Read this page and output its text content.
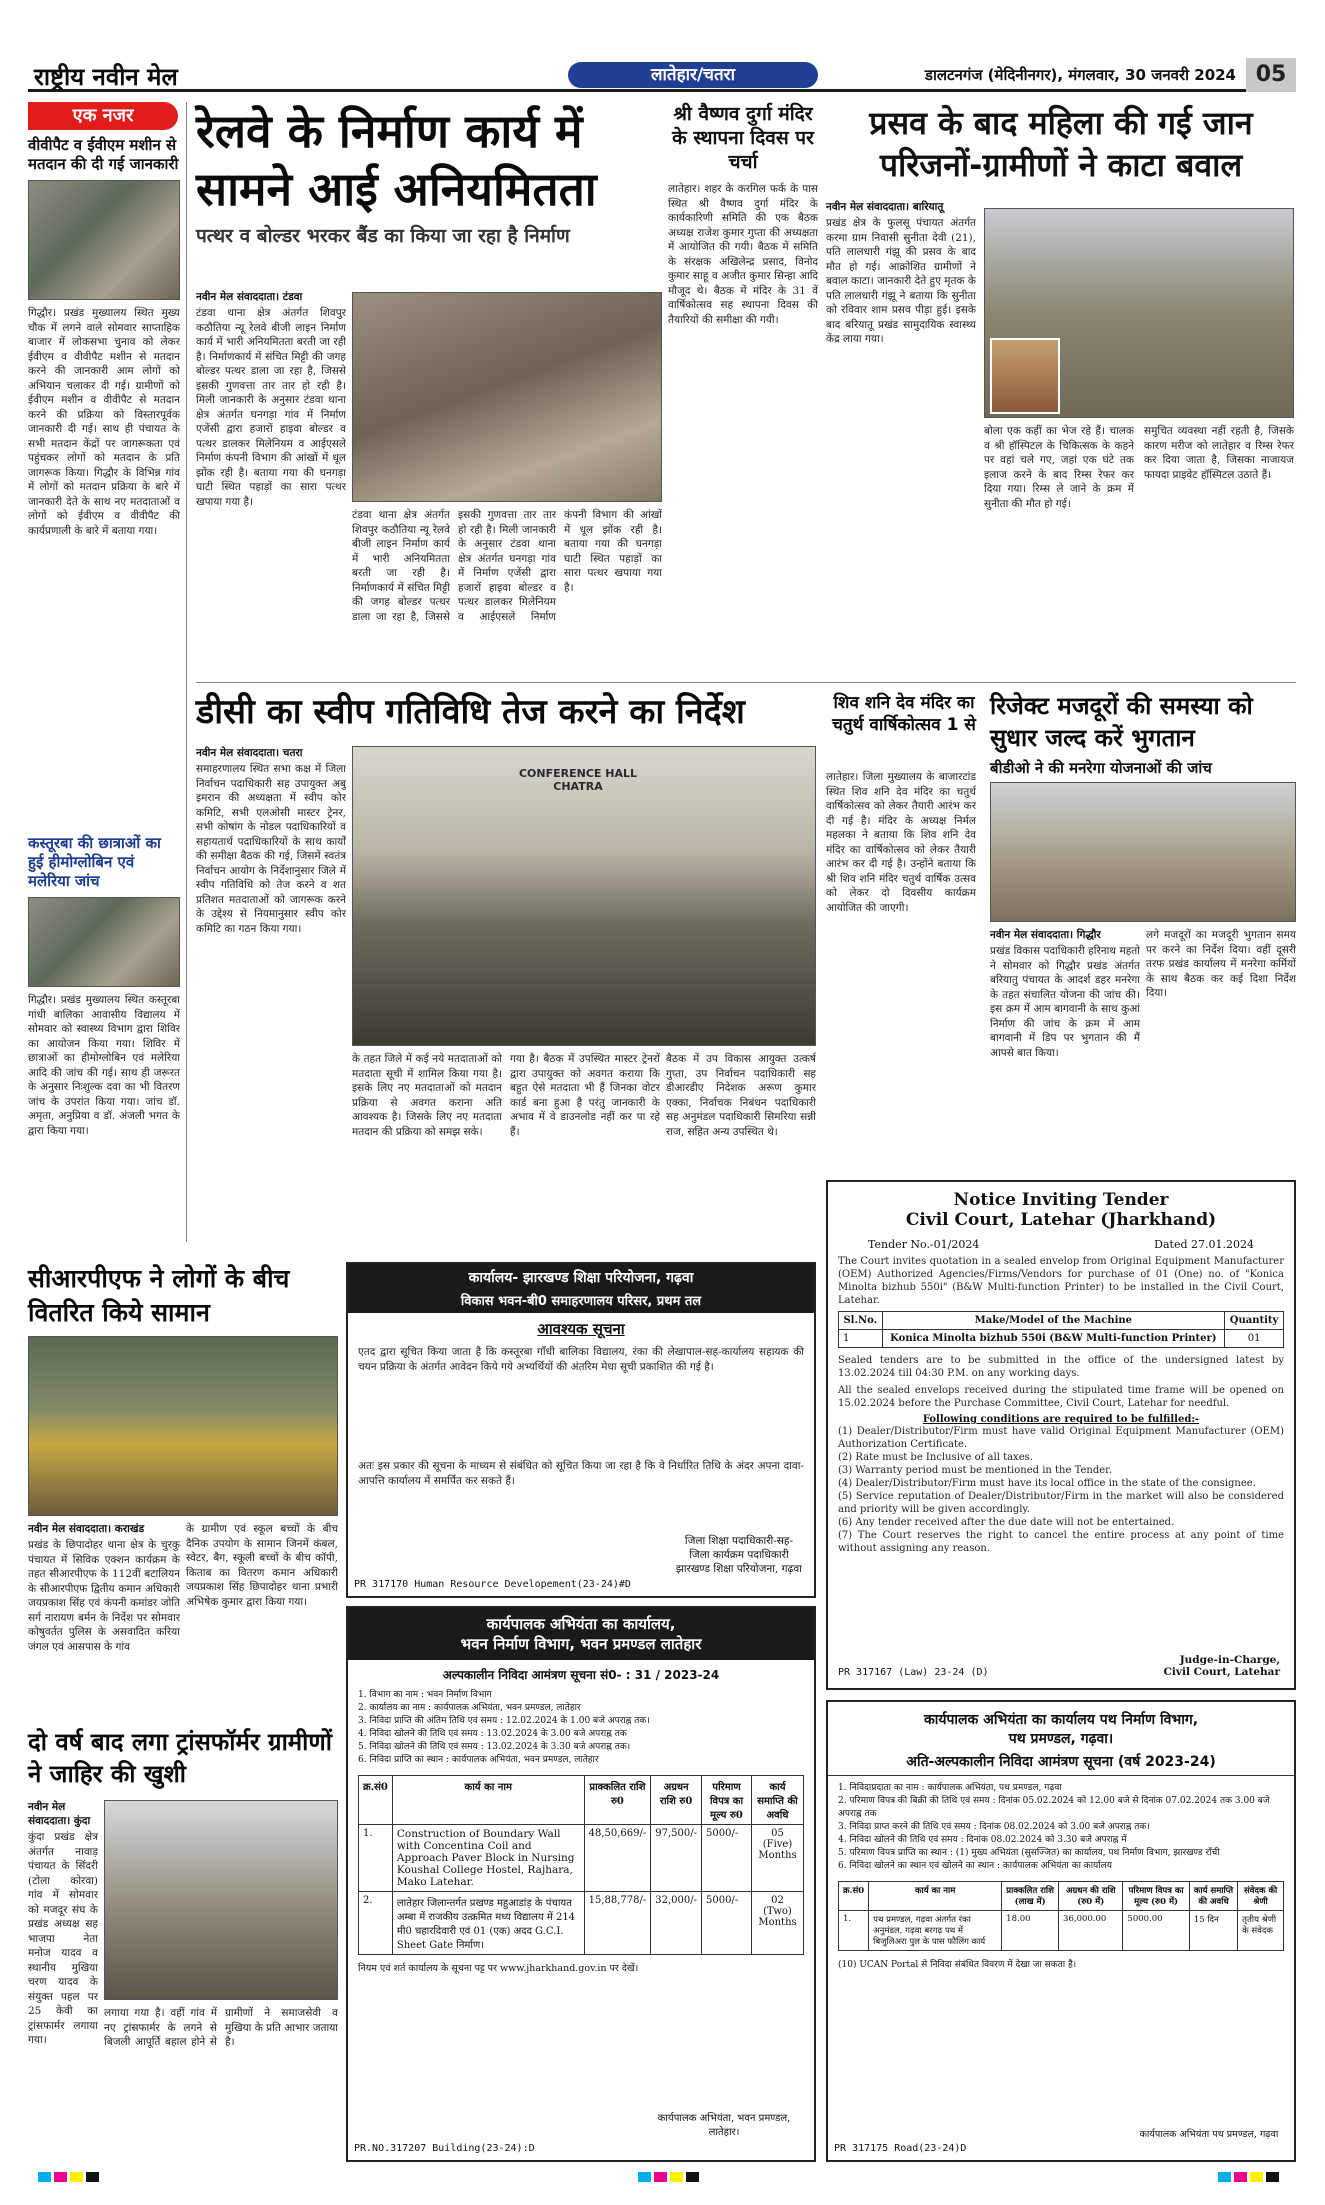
राष्ट्रीय नवीन मेल	लातेहार/चतरा	डालटनगंज (मेदिनीनगर), मंगलवार, 30 जनवरी 2024 05
एक नजर
वीवीपैट व ईवीएम मशीन से मतदान की दी गई जानकारी
गिद्धौर। प्रखंड मुख्यालय स्थित मुख्य चौक में लगने वाले सोमवार साप्ताहिक बाजार में लोकसभा चुनाव को लेकर ईवीएम व वीवीपैट मशीन से मतदान करने की जानकारी आम लोगों को अभियान चलाकर दी गई। ग्रामीणों को ईवीएम मशीन व वीवीपैट से मतदान करने की प्रक्रिया को विस्तारपूर्वक जानकारी दी गई। साथ ही पंचायत के सभी मतदान केंद्रों पर जागरूकता एवं पहुंचकर लोगों को मतदान के प्रति जागरूक किया। गिद्धौर के विभिन्न गांव में लोगों को मतदान प्रक्रिया के बारे में जानकारी देते के साथ नए मतदाताओं व लोगों को ईवीएम व वीवीपैट की कार्यप्रणाली के बारे में बताया गया।
कस्तूरबा की छात्राओं का हुई हीमोग्लोबिन एवं मलेरिया जांच
गिद्धौर। प्रखंड मुख्यालय स्थित कस्तूरबा गांधी बालिका आवासीय विद्यालय में सोमवार को स्वास्थ्य विभाग द्वारा शिविर का आयोजन किया गया। शिविर में छात्राओं का हीमोग्लोबिन एवं मलेरिया आदि की जांच की गई। साथ ही जरूरत के अनुसार निःशुल्क दवा का भी वितरण जांच के उपरांत किया गया। जांच डॉ. अमृता, अनुप्रिया व डॉ. अंजली भगत के द्वारा किया गया।
रेलवे के निर्माण कार्य में सामने आई अनियमितता
पत्थर व बोल्डर भरकर बैंड का किया जा रहा है निर्माण
नवीन मेल संवाददाता। टंडवा
टंडवा थाना क्षेत्र अंतर्गत शिवपुर कठौतिया न्यू रेलवे बीजी लाइन निर्माण कार्य में भारी अनियमितता बरती जा रही है। निर्माणकार्य में संचित मिट्टी की जगह बोल्डर पत्थर डाला जा रहा है, जिससे इसकी गुणवत्ता तार तार हो रही है। मिली जानकारी के अनुसार टंडवा थाना क्षेत्र अंतर्गत घनगड़ा गांव में निर्माण एजेंसी द्वारा हजारों हाइवा बोल्डर व पत्थर डालकर मिलेनियम व आईएसले निर्माण कंपनी विभाग की आंखों में धूल झोंक रही है। बताया गया की घनगड़ा घाटी स्थित पहाड़ों का सारा पत्थर खपाया गया है।
टंडवा थाना क्षेत्र अंतर्गत शिवपुर कठौतिया न्यू रेलवे बीजी लाइन निर्माण कार्य में भारी अनियमितता बरती जा रही है। निर्माणकार्य में संचित मिट्टी की जगह बोल्डर पत्थर डाला जा रहा है, जिससे इसकी गुणवत्ता तार तार हो रही है। मिली जानकारी के अनुसार टंडवा थाना क्षेत्र अंतर्गत घनगड़ा गांव में निर्माण एजेंसी द्वारा हजारों हाइवा बोल्डर व पत्थर डालकर मिलेनियम व आईएसले निर्माण कंपनी विभाग की आंखों में धूल झोंक रही है। बताया गया की घनगड़ा घाटी स्थित पहाड़ों का सारा पत्थर खपाया गया है।
श्री वैष्णव दुर्गा मंदिर के स्थापना दिवस पर चर्चा
लातेहार। शहर के करगिल फर्क के पास स्थित श्री वैष्णव दुर्गा मंदिर के कार्यकारिणी समिति की एक बैठक अध्यक्ष राजेश कुमार गुप्ता की अध्यक्षता में आयोजित की गयी। बैठक में समिति के संरक्षक अखिलेन्द्र प्रसाद, विनोद कुमार साहू व अजीत कुमार सिन्हा आदि मौजूद थे। बैठक में मंदिर के 31 वें वार्षिकोत्सव सह स्थापना दिवस की तैयारियों की समीक्षा की गयी।
प्रसव के बाद महिला की गई जान परिजनों-ग्रामीणों ने काटा बवाल
नवीन मेल संवाददाता। बारियातू
प्रखंड क्षेत्र के फुलसू पंचायत अंतर्गत करमा ग्राम निवासी सुनीता देवी (21), पति लालधारी गंझू की प्रसव के बाद मौत हो गई। आक्रोशित ग्रामीणों ने बवाल काटा। जानकारी देते हुए मृतक के पति लालधारी गंझू ने बताया कि सुनीता को रविवार शाम प्रसव पीड़ा हुई। इसके बाद बरियातू प्रखंड सामुदायिक स्वास्थ्य केंद्र लाया गया।
बोला एक कहीं का भेज रहे हैं। चालक व श्री हॉस्पिटल के चिकित्सक के कहने पर वहां चले गए, जहां एक घंटे तक इलाज करने के बाद रिम्स रेफर कर दिया गया। रिम्स ले जाने के क्रम में सुनीता की मौत हो गई।
समुचित व्यवस्था नहीं रहती है, जिसके कारण मरीज को लातेहार व रिम्स रेफर कर दिया जाता है, जिसका नाजायज फायदा प्राइवेट हॉस्पिटल उठाते हैं।
डीसी का स्वीप गतिविधि तेज करने का निर्देश
नवीन मेल संवाददाता। चतरा
समाहरणालय स्थित सभा कक्ष में जिला निर्वाचन पदाधिकारी सह उपायुक्त अबु इमरान की अध्यक्षता में स्वीप कोर कमिटि, सभी एलओसी मास्टर ट्रेनर, सभी कोषांग के नोडल पदाधिकारियों व सहायतार्थ पदाधिकारियों के साथ कार्यों की समीक्षा बैठक की गई, जिसमें स्वतंत्र निर्वाचन आयोग के निर्देशानुसार जिले में स्वीप गतिविधि को तेज करने व शत प्रतिशत मतदाताओं को जागरूक करने के उद्देश्य से नियमानुसार स्वीप कोर कमिटि का गठन किया गया।
CONFERENCE HALL CHATRA
के तहत जिले में कई नये मतदाताओं को मतदाता सूची में शामिल किया गया है। इसके लिए नए मतदाताओं को मतदान प्रक्रिया से अवगत कराना अति आवश्यक है। जिसके लिए नए मतदाता मतदान की प्रक्रिया को समझ सके।
गया है। बैठक में उपस्थित मास्टर ट्रेनरों द्वारा उपायुक्त को अवगत कराया कि बहुत ऐसे मतदाता भी हैं जिनका वोटर कार्ड बना हुआ है परंतु जानकारी के अभाव में वे डाउनलोड नहीं कर पा रहे हैं।
बैठक में उप विकास आयुक्त उत्कर्ष गुप्ता, उप निर्वाचन पदाधिकारी सह डीआरडीए निदेशक अरूण कुमार एक्का, निर्वाचक निबंधन पदाधिकारी सह अनुमंडल पदाधिकारी सिमरिया सन्नी राज, सहित अन्य उपस्थित थे।
शिव शनि देव मंदिर का चतुर्थ वार्षिकोत्सव 1 से
लातेहार। जिला मुख्यालय के बाजारटांड स्थित शिव शनि देव मंदिर का चतुर्थ वार्षिकोत्सव को लेकर तैयारी आरंभ कर दी गई है। मंदिर के अध्यक्ष निर्मल महलका ने बताया कि शिव शनि देव मंदिर का वार्षिकोत्सव को लेकर तैयारी आरंभ कर दी गई है। उन्होंने बताया कि श्री शिव शनि मंदिर चतुर्थ वार्षिक उत्सव को लेकर दो दिवसीय कार्यक्रम आयोजित की जाएगी।
रिजेक्ट मजदूरों की समस्या को सुधार जल्द करें भुगतान
बीडीओ ने की मनरेगा योजनाओं की जांच
नवीन मेल संवाददाता। गिद्धौर
प्रखंड विकास पदाधिकारी हरिनाथ महतो ने सोमवार को गिद्धौर प्रखंड अंतर्गत बरियातु पंचायत के आदर्श डहर मनरेगा के तहत संचालित योजना की जांच की। इस क्रम में आम बागवानी के साथ कुआं निर्माण की जांच के क्रम में आम बागवानी में डिप पर भुगतान की मैं आपसे बात किया।
लगे मजदूरों का मजदूरी भुगतान समय पर करने का निर्देश दिया। वहीं दूसरी तरफ प्रखंड कार्यालय में मनरेगा कर्मियों के साथ बैठक कर कई दिशा निर्देश दिया।
Notice Inviting Tender
Civil Court, Latehar (Jharkhand)
Tender No.-01/2024	Dated 27.01.2024
The Court invites quotation in a sealed envelop from Original Equipment Manufacturer (OEM) Authorized Agencies/Firms/Vendors for purchase of 01 (One) no. of "Konica Minolta bizhub 550i" (B&W Multi-function Printer) to be installed in the Civil Court, Latehar.
Sl.No.	Make/Model of the Machine	Quantity
1	Konica Minolta bizhub 550i (B&W Multi-function Printer)	01
Sealed tenders are to be submitted in the office of the undersigned latest by 13.02.2024 till 04:30 P.M. on any working days.
All the sealed envelops received during the stipulated time frame will be opened on 15.02.2024 before the Purchase Committee, Civil Court, Latehar for needful.
Following conditions are required to be fulfilled:-
(1) Dealer/Distributor/Firm must have valid Original Equipment Manufacturer (OEM) Authorization Certificate.
(2) Rate must be Inclusive of all taxes.
(3) Warranty period must be mentioned in the Tender.
(4) Dealer/Distributor/Firm must have its local office in the state of the consignee.
(5) Service reputation of Dealer/Distributor/Firm in the market will also be considered and priority will be given accordingly.
(6) Any tender received after the due date will not be entertained.
(7) The Court reserves the right to cancel the entire process at any point of time without assigning any reason.
Judge-in-Charge,
Civil Court, Latehar
PR 317167 (Law) 23-24 (D)
सीआरपीएफ ने लोगों के बीच वितरित किये सामान
नवीन मेल संवाददाता। कराखंड
प्रखंड के छिपादोहर थाना क्षेत्र के चुरकु पंचायत में सिविक एक्शन कार्यक्रम के तहत सीआरपीएफ के 112वीं बटालियन के सीआरपीएफ द्वितीय कमान अधिकारी जयप्रकाश सिंह एवं कंपनी कमांडर जोति सर्ग नारायण बर्मन के निर्देश पर सोमवार कोषुवर्तत पुलिस के असवादित करिया जंगल एवं आसपास के गांव
के ग्रामीण एवं स्कूल बच्चों के बीच दैनिक उपयोग के सामान जिनमें कंबल, स्वेटर, बैग, स्कूली बच्चों के बीच कॉपी, किताब का वितरण कमान अधिकारी जयप्रकाश सिंह छिपादोहर थाना प्रभारी अभिषेक कुमार द्वारा किया गया।
दो वर्ष बाद लगा ट्रांसफॉर्मर ग्रामीणों ने जाहिर की खुशी
नवीन मेल संवाददाता। कुंदा
कुंदा प्रखंड क्षेत्र अंतर्गत नावाड़ पंचायत के सिंदरी (टोला कोरवा) गांव में सोमवार को मजदूर संघ के प्रखंड अध्यक्ष सह भाजपा नेता मनोज यादव व स्थानीय मुखिया चरण यादव के संयुक्त पहल पर 25 केवी का ट्रांसफार्मर लगाया गया।
लगाया गया है। वहीं गांव में नए ट्रांसफार्मर के लगने से बिजली आपूर्ति बहाल होने से ग्रामीणों ने समाजसेवी व मुखिया के प्रति आभार जताया है।
कार्यालय- झारखण्ड शिक्षा परियोजना, गढ़वा
विकास भवन-बी0 समाहरणालय परिसर, प्रथम तल
आवश्यक सूचना
एतद द्वारा सूचित किया जाता है कि कस्तूरबा गाँधी बालिका विद्यालय, रंका की लेखापाल-सह-कार्यालय सहायक की चयन प्रक्रिया के अंतर्गत आवेदन किये गये अभ्यर्थियों की अंतरिम मेधा सूची प्रकाशित की गई है।
अतः इस प्रकार की सूचना के माध्यम से संबंधित को सूचित किया जा रहा है कि वे निर्धारित तिथि के अंदर अपना दावा-आपत्ति कार्यालय में समर्पित कर सकते हैं।
जिला शिक्षा पदाधिकारी-सह-
जिला कार्यक्रम पदाधिकारी
झारखण्ड शिक्षा परियोजना, गढ़वा
PR 317170 Human Resource Developement(23-24)#D
कार्यपालक अभियंता का कार्यालय,
भवन निर्माण विभाग, भवन प्रमण्डल लातेहार
अल्पकालीन निविदा आमंत्रण सूचना सं0- : 31 / 2023-24
1. विभाग का नाम : भवन निर्माण विभाग
2. कार्यालय का नाम : कार्यपालक अभियंता, भवन प्रमण्डल, लातेहार
3. निविदा प्राप्ति की अंतिम तिथि एवं समय : 12.02.2024 के 1.00 बजे अपराह्न तक।
4. निविदा खोलने की तिथि एवं समय : 13.02.2024 के 3.00 बजे अपराह्न तक
5. निविदा खोलने की तिथि एवं समय : 13.02.2024 के 3.30 बजे अपराह्न तक।
6. निविदा प्राप्ति का स्थान : कार्यपालक अभियंता, भवन प्रमण्डल, लातेहार
क्र.सं0	कार्य का नाम	प्राक्कलित राशि रु0	अग्रधन राशि रु0	परिमाण विपत्र का मूल्य रु0	कार्य समाप्ति की अवधि
1.	Construction of Boundary Wall with Concentina Coil and Approach Paver Block in Nursing Koushal College Hostel, Rajhara, Mako Latehar.	48,50,669/-	97,500/-	5000/-	05 (Five) Months
2.	लातेहार जिलान्तर्गत प्रखण्ड महुआडांड़ के पंचायत अम्बा में राजकीय उत्क्रमित मध्य विद्यालय में 214 मी0 चहारदिवारी एवं 01 (एक) अदद G.C.I. Sheet Gate निर्माण।	15,88,778/-	32,000/-	5000/-	02 (Two) Months
नियम एवं शर्त कार्यालय के सूचना पट्ट पर www.jharkhand.gov.in पर देखें।
कार्यपालक अभियंता, भवन प्रमण्डल, लातेहार।
PR.NO.317207 Building(23-24):D
कार्यपालक अभियंता का कार्यालय पथ निर्माण विभाग,
पथ प्रमण्डल, गढ़वा।
अति-अल्पकालीन निविदा आमंत्रण सूचना (वर्ष 2023-24)
1. निविदाप्रदाता का नाम : कार्यपालक अभियंता, पथ प्रमण्डल, गढ़वा
2. परिमाण विपत्र की बिक्री की तिथि एवं समय : दिनांक 05.02.2024 को 12.00 बजे से दिनांक 07.02.2024 तक 3.00 बजे अपराह्न तक
3. निविदा प्राप्त करने की तिथि एवं समय : दिनांक 08.02.2024 को 3.00 बजे अपराह्न तक।
4. निविदा खोलने की तिथि एवं समय : दिनांक 08.02.2024 को 3.30 बजे अपराह्न में
5. परिमाण विपत्र प्राप्ति का स्थान : (1) मुख्य अभियंता (सुसज्जित) का कार्यालय, पथ निर्माण विभाग, झारखण्ड राँची
6. निविदा खोलने का स्थान एवं खोलने का स्थान : कार्यपालक अभियंता का कार्यालय
क्र.सं0	कार्य का नाम	प्राक्कलित राशि (लाख में)	अग्रधन की राशि (रु0 में)	परिमाण विपत्र का मूल्य (रु0 में)	कार्य समाप्ति की अवधि	संवेदक की श्रेणी
1.	पथ प्रमण्डल, गढ़वा अंतर्गत रंका अनुमंडल, गढ़वा बरगढ़ पथ में बिजुलिअरा पुल के पास फौलिंग कार्य	18.00	36,000.00	5000.00	15 दिन	तृतीय श्रेणी के संवेदक
(10) UCAN Portal से निविदा संबंधित विवरण में देखा जा सकता है।
कार्यपालक अभियंता पथ प्रमण्डल, गढ़वा
PR 317175 Road(23-24)D
